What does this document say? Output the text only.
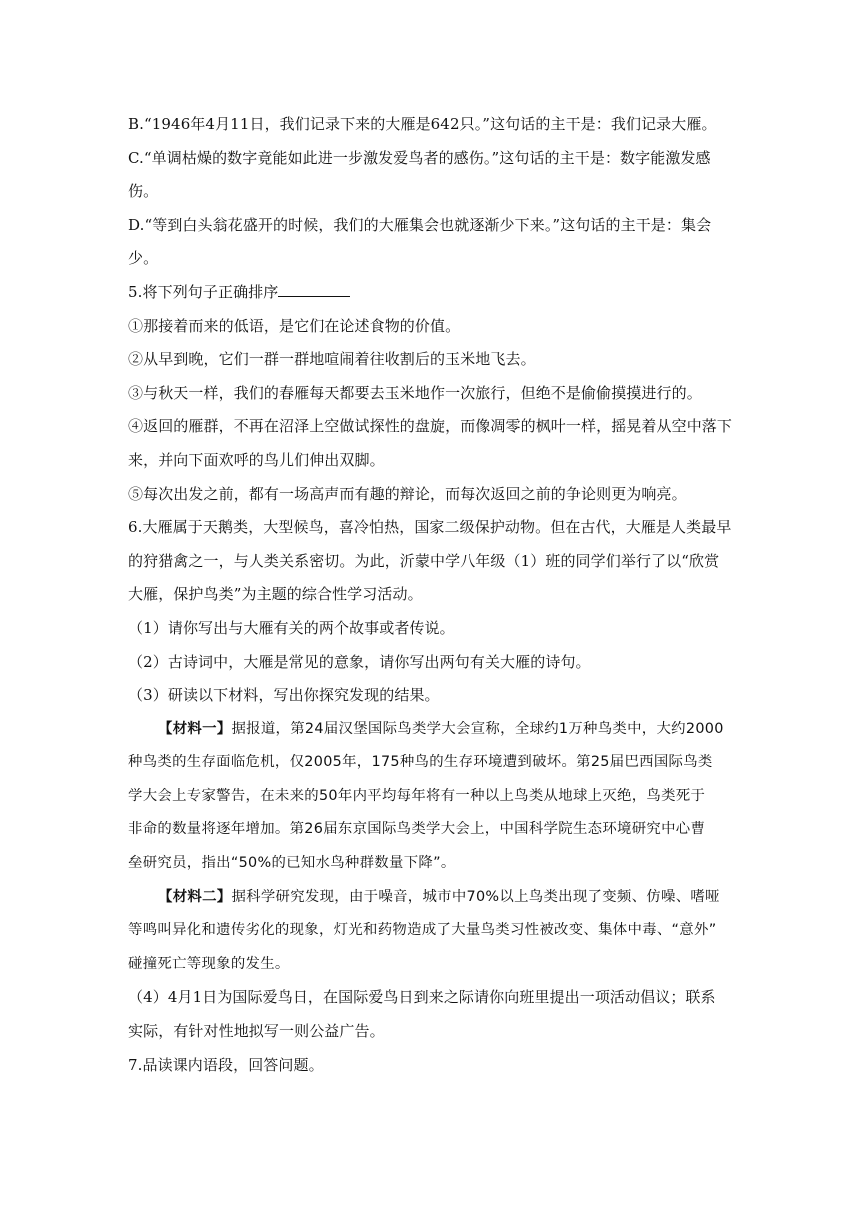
B.“1946年4月11日，我们记录下来的大雁是642只。”这句话的主干是：我们记录大雁。
C.“单调枯燥的数字竟能如此进一步激发爱鸟者的感伤。”这句话的主干是：数字能激发感
伤。
D.“等到白头翁花盛开的时候，我们的大雁集会也就逐渐少下来。”这句话的主干是：集会
少。
5.将下列句子正确排序
①那接着而来的低语，是它们在论述食物的价值。
②从早到晚，它们一群一群地喧闹着往收割后的玉米地飞去。
③与秋天一样，我们的春雁每天都要去玉米地作一次旅行，但绝不是偷偷摸摸进行的。
④返回的雁群，不再在沼泽上空做试探性的盘旋，而像凋零的枫叶一样，摇晃着从空中落下
来，并向下面欢呼的鸟儿们伸出双脚。
⑤每次出发之前，都有一场高声而有趣的辩论，而每次返回之前的争论则更为响亮。
6.大雁属于天鹅类，大型候鸟，喜冷怕热，国家二级保护动物。但在古代，大雁是人类最早
的狩猎禽之一，与人类关系密切。为此，沂蒙中学八年级（1）班的同学们举行了以“欣赏
大雁，保护鸟类”为主题的综合性学习活动。
（1）请你写出与大雁有关的两个故事或者传说。
（2）古诗词中，大雁是常见的意象，请你写出两句有关大雁的诗句。
（3）研读以下材料，写出你探究发现的结果。
【材料一】据报道，第24届汉堡国际鸟类学大会宣称，全球约1万种鸟类中，大约2000
种鸟类的生存面临危机，仅2005年，175种鸟的生存环境遭到破坏。第25届巴西国际鸟类
学大会上专家警告，在未来的50年内平均每年将有一种以上鸟类从地球上灭绝，鸟类死于
非命的数量将逐年增加。第26届东京国际鸟类学大会上，中国科学院生态环境研究中心曹
垒研究员，指出“50%的已知水鸟种群数量下降”。
【材料二】据科学研究发现，由于噪音，城市中70%以上鸟类出现了变频、仿噪、嗜哑
等鸣叫异化和遗传劣化的现象，灯光和药物造成了大量鸟类习性被改变、集体中毒、“意外”
碰撞死亡等现象的发生。
（4）4月1日为国际爱鸟日，在国际爱鸟日到来之际请你向班里提出一项活动倡议；联系
实际，有针对性地拟写一则公益广告。
7.品读课内语段，回答问题。
